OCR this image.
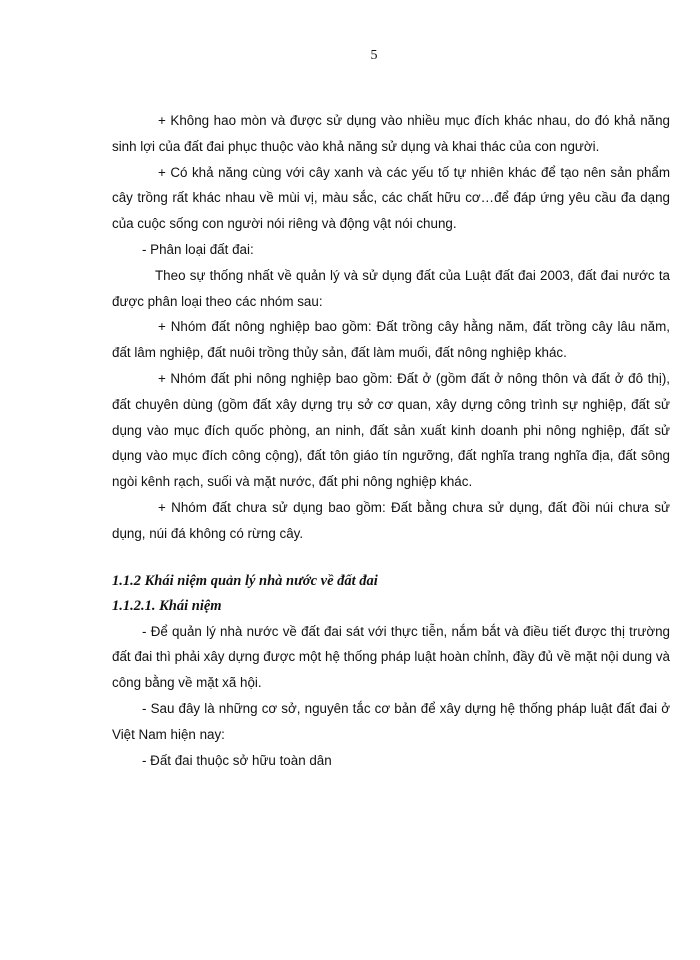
5

+ Không hao mòn và được sử dụng vào nhiều mục đích khác nhau, do đó khả năng sinh lợi của đất đai phục thuộc vào khả năng sử dụng và khai thác của con người.

+ Có khả năng cùng với cây xanh và các yếu tố tự nhiên khác để tạo nên sản phẩm cây trồng rất khác nhau về mùi vị, màu sắc, các chất hữu cơ…để đáp ứng yêu cầu đa dạng của cuộc sống con người nói riêng và động vật nói chung.

- Phân loại đất đai:

Theo sự thống nhất về quản lý và sử dụng đất của Luật đất đai 2003, đất đai nước ta được phân loại theo các nhóm sau:

+ Nhóm đất nông nghiệp bao gồm: Đất trồng cây hằng năm, đất trồng cây lâu năm, đất lâm nghiệp, đất nuôi trồng thủy sản, đất làm muối, đất nông nghiệp khác.

+ Nhóm đất phi nông nghiệp bao gồm: Đất ở (gồm đất ở nông thôn và đất ở đô thị), đất chuyên dùng (gồm đất xây dựng trụ sở cơ quan, xây dựng công trình sự nghiệp, đất sử dụng vào mục đích quốc phòng, an ninh, đất sản xuất kinh doanh phi nông nghiệp, đất sử dụng vào mục đích công cộng), đất tôn giáo tín ngưỡng, đất nghĩa trang nghĩa địa, đất sông ngòi kênh rạch, suối và mặt nước, đất phi nông nghiệp khác.

+ Nhóm đất chưa sử dụng bao gồm: Đất bằng chưa sử dụng, đất đồi núi chưa sử dụng, núi đá không có rừng cây.

1.1.2 Khái niệm quản lý nhà nước về đất đai
1.1.2.1. Khái niệm

- Để quản lý nhà nước về đất đai sát với thực tiễn, nắm bắt và điều tiết được thị trường đất đai thì phải xây dựng được một hệ thống pháp luật hoàn chỉnh, đầy đủ về mặt nội dung và công bằng về mặt xã hội.

- Sau đây là những cơ sở, nguyên tắc cơ bản để xây dựng hệ thống pháp luật đất đai ở Việt Nam hiện nay:

- Đất đai thuộc sở hữu toàn dân
